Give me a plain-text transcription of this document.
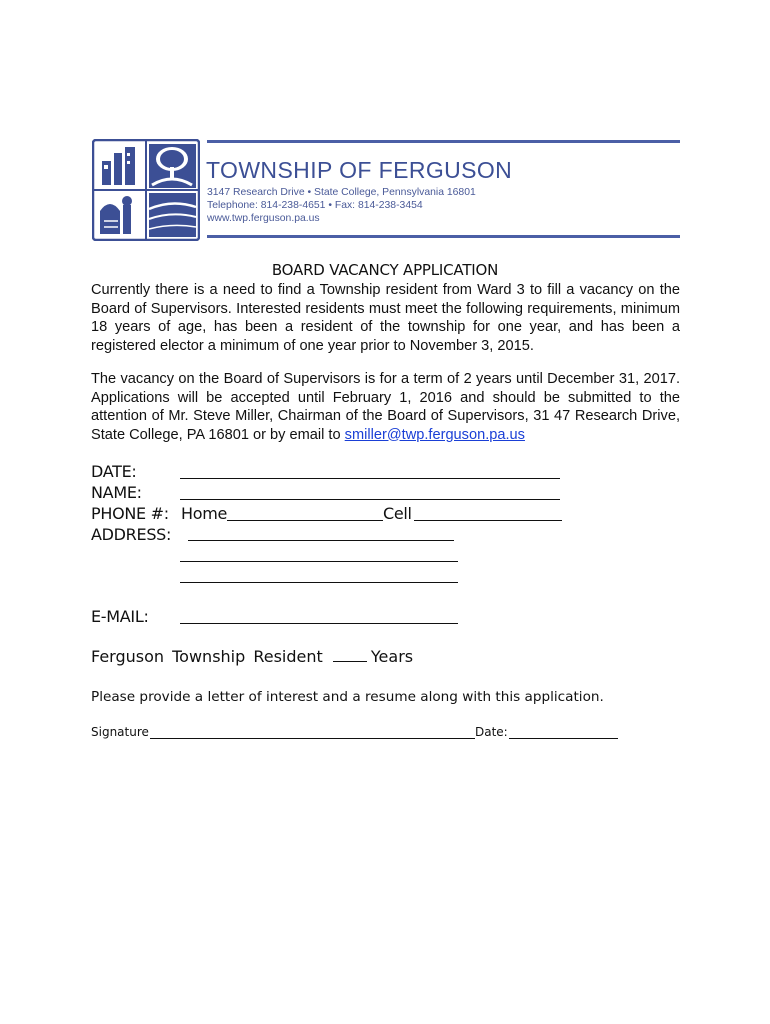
TOWNSHIP OF FERGUSON
3147 Research Drive • State College, Pennsylvania 16801
Telephone: 814-238-4651 • Fax: 814-238-3454
www.twp.ferguson.pa.us
BOARD VACANCY APPLICATION
Currently there is a need to find a Township resident from Ward 3 to fill a vacancy on the Board of Supervisors. Interested residents must meet the following requirements, minimum 18 years of age, has been a resident of the township for one year, and has been a registered elector a minimum of one year prior to November 3, 2015.
The vacancy on the Board of Supervisors is for a term of 2 years until December 31, 2017. Applications will be accepted until February 1, 2016 and should be submitted to the attention of Mr. Steve Miller, Chairman of the Board of Supervisors, 31 47 Research Drive, State College, PA 16801 or by email to smiller@twp.ferguson.pa.us
DATE:
NAME:
PHONE #: Home	Cell
ADDRESS:
E-MAIL:
Ferguson Township Resident	Years
Please provide a letter of interest and a resume along with this application.
Signature	Date:
